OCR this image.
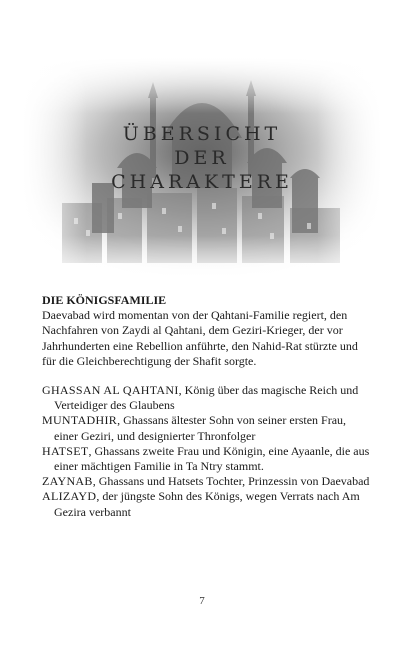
ÜBERSICHT
DER
CHARAKTERE
DIE KÖNIGSFAMILIE
Daevabad wird momentan von der Qahtani-Familie regiert, den Nachfahren von Zaydi al Qahtani, dem Geziri-Krieger, der vor Jahrhunderten eine Rebellion anführte, den Nahid-Rat stürzte und für die Gleichberechtigung der Shafit sorgte.
GHASSAN AL QAHTANI, König über das magische Reich und Verteidiger des Glaubens
MUNTADHIR, Ghassans ältester Sohn von seiner ersten Frau, einer Geziri, und designierter Thronfolger
HATSET, Ghassans zweite Frau und Königin, eine Ayaanle, die aus einer mächtigen Familie in Ta Ntry stammt.
ZAYNAB, Ghassans und Hatsets Tochter, Prinzessin von Daevabad
ALIZAYD, der jüngste Sohn des Königs, wegen Verrats nach Am Gezira verbannt
7
